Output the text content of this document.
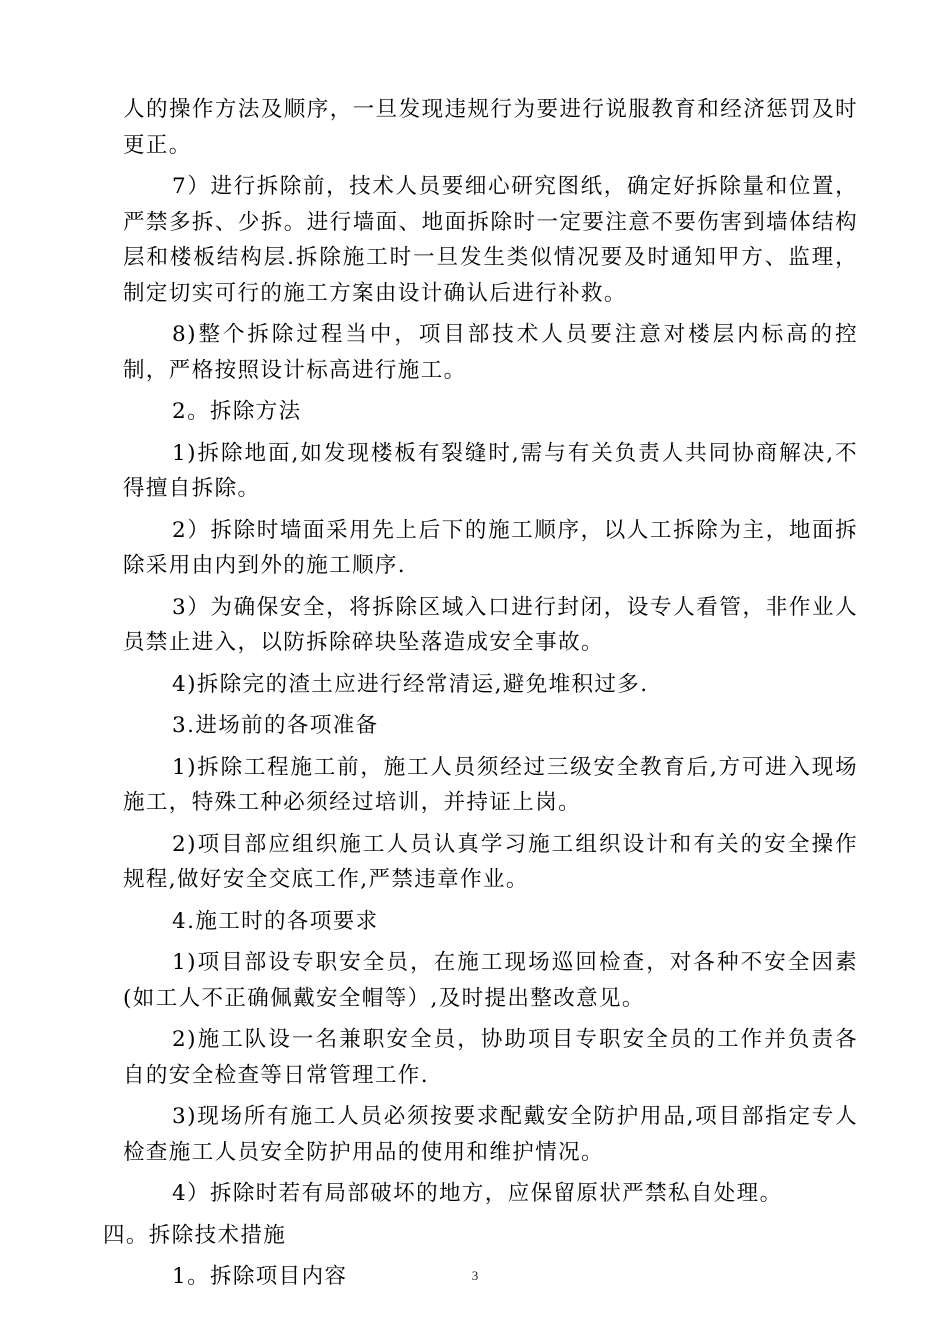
人的操作方法及顺序，一旦发现违规行为要进行说服教育和经济惩罚及时更正。

7）进行拆除前，技术人员要细心研究图纸，确定好拆除量和位置，严禁多拆、少拆。进行墙面、地面拆除时一定要注意不要伤害到墙体结构层和楼板结构层.拆除施工时一旦发生类似情况要及时通知甲方、监理，制定切实可行的施工方案由设计确认后进行补救。

8)整个拆除过程当中，项目部技术人员要注意对楼层内标高的控制，严格按照设计标高进行施工。

2。拆除方法

1)拆除地面,如发现楼板有裂缝时,需与有关负责人共同协商解决,不得擅自拆除。

2）拆除时墙面采用先上后下的施工顺序，以人工拆除为主，地面拆除采用由内到外的施工顺序.

3）为确保安全，将拆除区域入口进行封闭，设专人看管，非作业人员禁止进入，以防拆除碎块坠落造成安全事故。

4)拆除完的渣土应进行经常清运,避免堆积过多.

3.进场前的各项准备

1)拆除工程施工前，施工人员须经过三级安全教育后,方可进入现场施工，特殊工种必须经过培训，并持证上岗。

2)项目部应组织施工人员认真学习施工组织设计和有关的安全操作规程,做好安全交底工作,严禁违章作业。

4.施工时的各项要求

1)项目部设专职安全员，在施工现场巡回检查，对各种不安全因素(如工人不正确佩戴安全帽等）,及时提出整改意见。

2)施工队设一名兼职安全员，协助项目专职安全员的工作并负责各自的安全检查等日常管理工作.

3)现场所有施工人员必须按要求配戴安全防护用品,项目部指定专人检查施工人员安全防护用品的使用和维护情况。

4）拆除时若有局部破坏的地方，应保留原状严禁私自处理。

四。拆除技术措施

1。拆除项目内容	3
